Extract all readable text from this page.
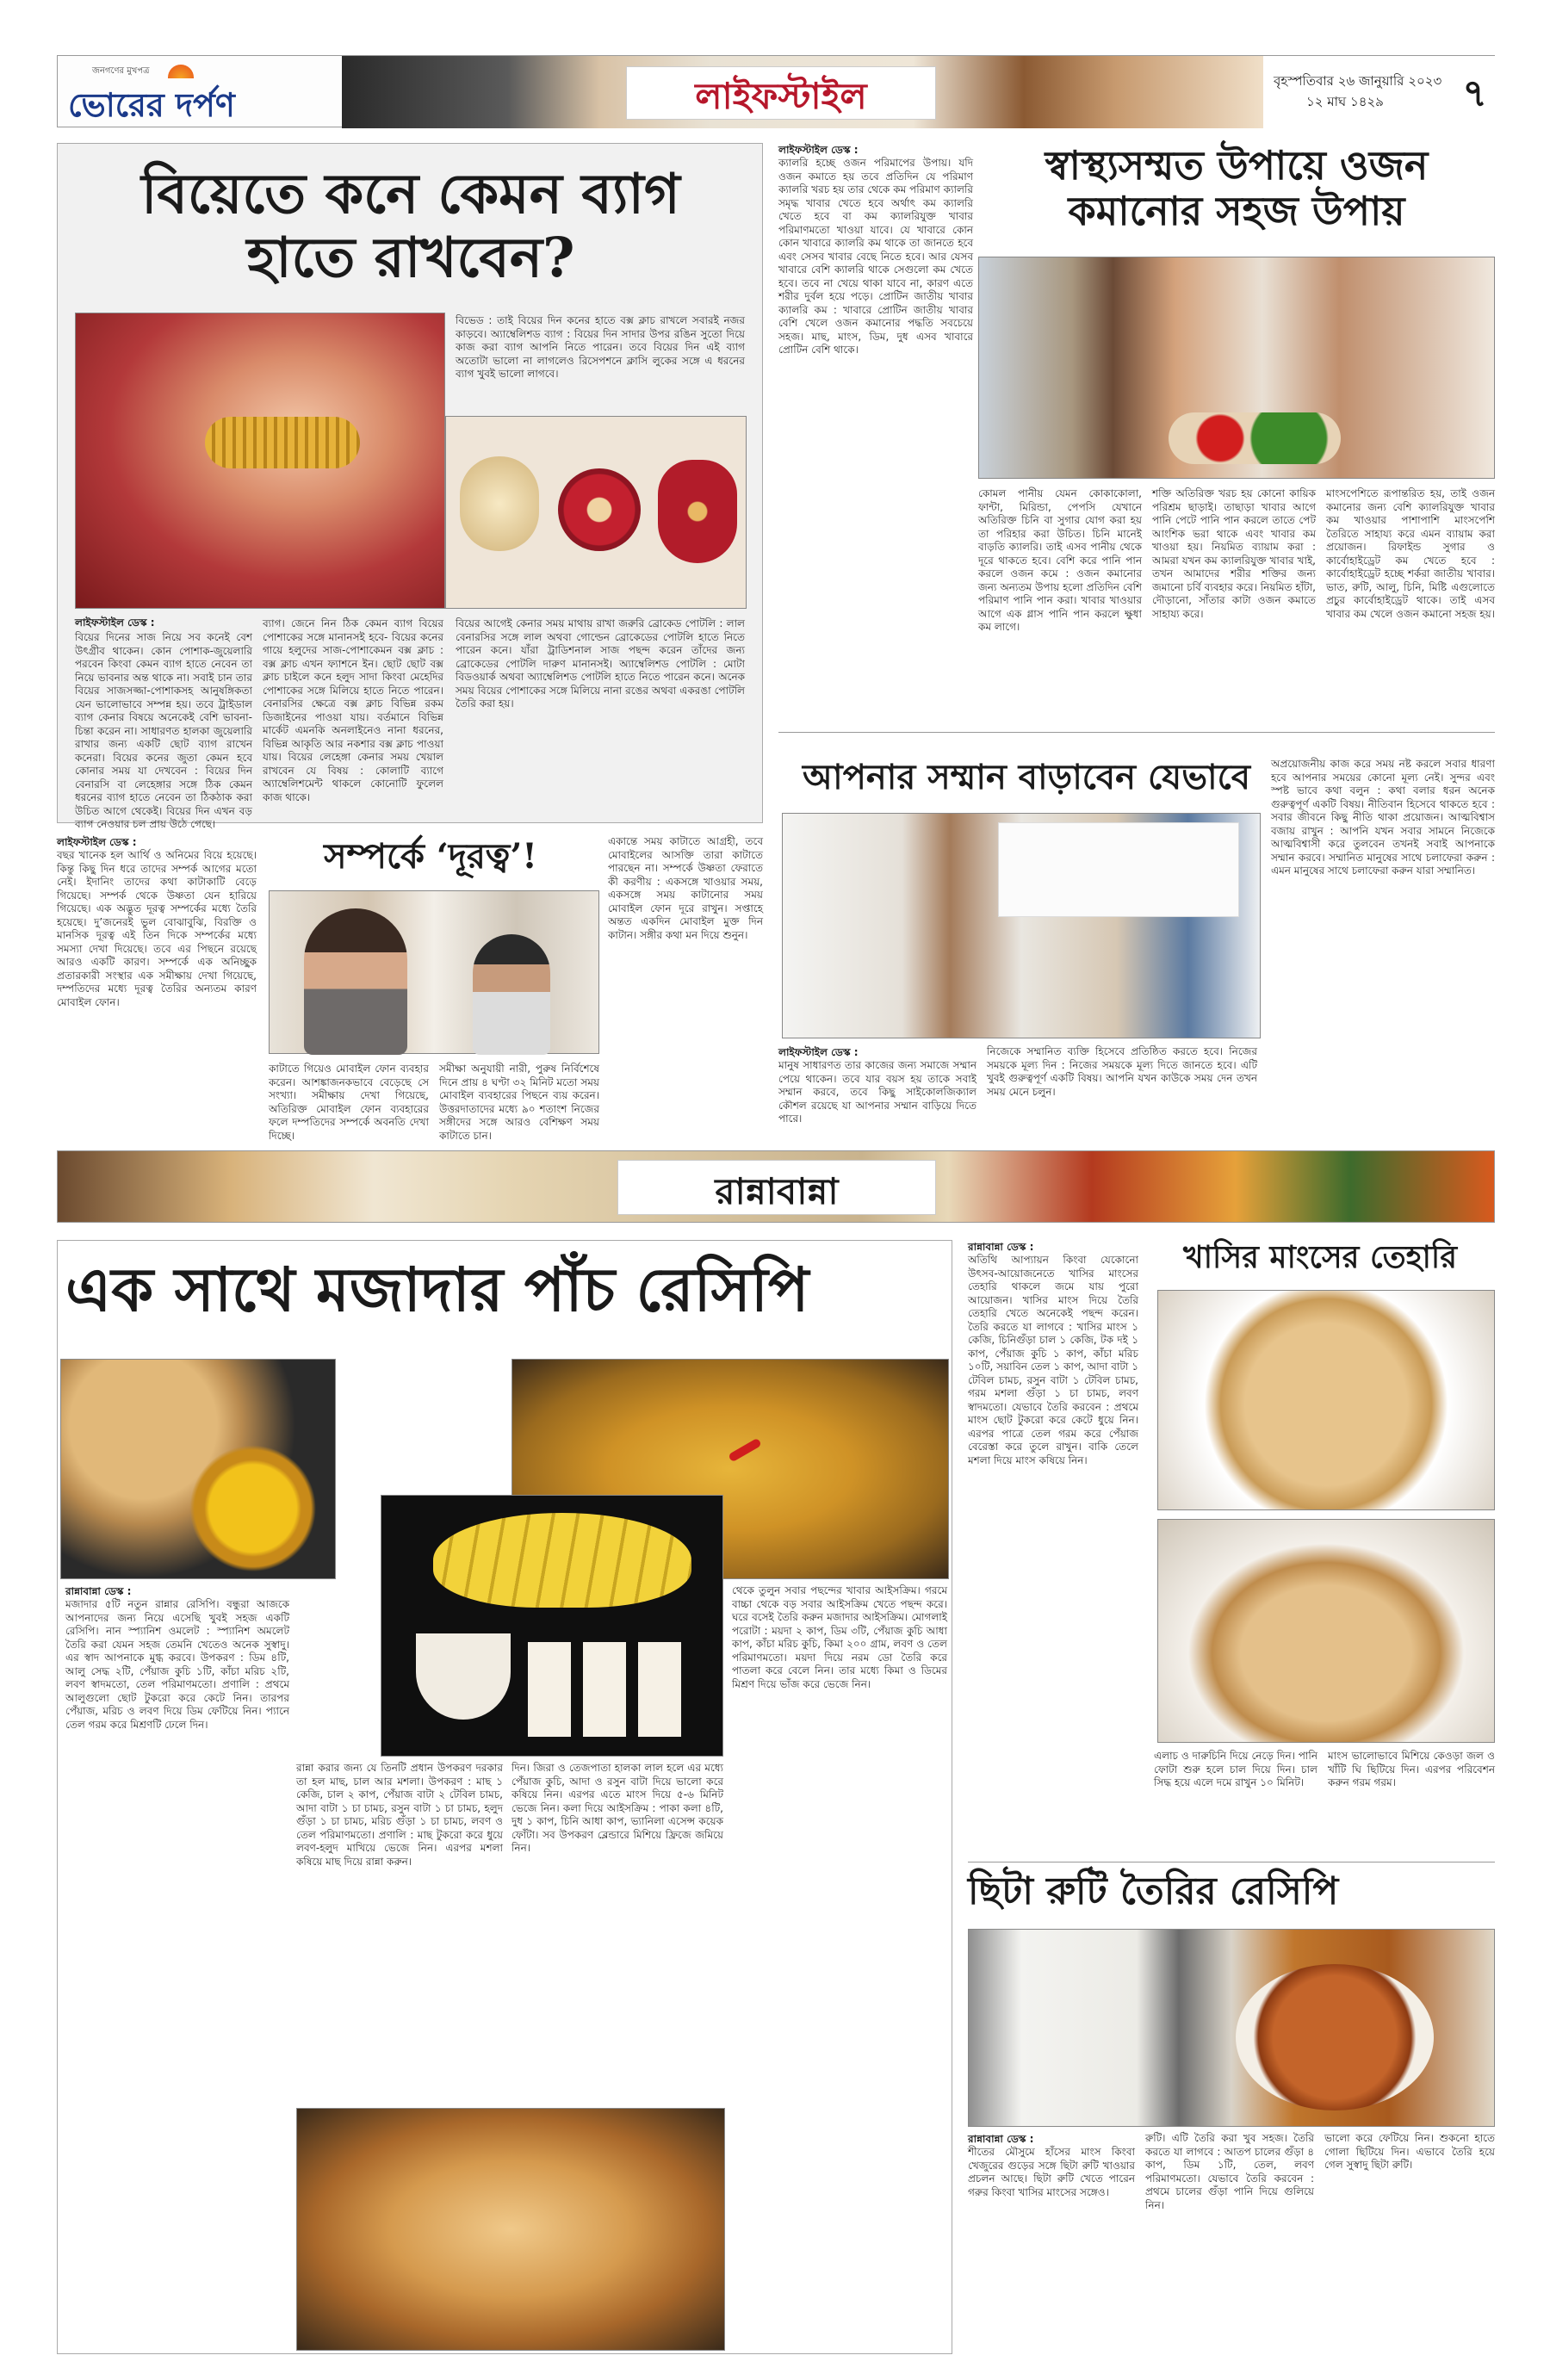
জনগণের মুখপত্র
ভোরের দর্পণ	লাইফস্টাইল	বৃহস্পতিবার ২৬ জানুয়ারি ২০২৩
১২ মাঘ ১৪২৯ ৭
বিয়েতে কনে কেমন ব্যাগ হাতে রাখবেন?
বিভেড : তাই বিয়ের দিন কনের হাতে বক্স ক্লাচ রাখলে সবারই নজর কাড়বে। অ্যাম্বেলিশড ব্যাগ : বিয়ের দিন সাদার উপর রঙিন সুতো দিয়ে কাজ করা ব্যাগ আপনি নিতে পারেন। তবে বিয়ের দিন এই ব্যাগ অতোটা ভালো না লাগলেও রিসেপশনে ক্লাসি লুকের সঙ্গে এ ধরনের ব্যাগ খুবই ভালো লাগবে।
বিয়ের আগেই কেনার সময় মাথায় রাখা জরুরি ব্রোকেড পোটলি : লাল বেনারসির সঙ্গে লাল অথবা গোল্ডেন ব্রোকেডের পোটলি হাতে নিতে পারেন কনে। যাঁরা ট্রাডিশনাল সাজ পছন্দ করেন তাঁদের জন্য ব্রোকেডের পোটলি দারুণ মানানসই। অ্যাম্বেলিশড পোটলি : মোটা বিডওয়ার্ক অথবা অ্যাম্বেলিশড পোটলি হাতে নিতে পারেন কনে। অনেক সময় বিয়ের পোশাকের সঙ্গে মিলিয়ে নানা রঙের অথবা একরঙা পোটলি তৈরি করা হয়।
লাইফস্টাইল ডেস্ক :
বিয়ের দিনের সাজ নিয়ে সব কনেই বেশ উৎগ্রীব থাকেন। কোন পোশাক-জুয়েলারি পরবেন কিংবা কেমন ব্যাগ হাতে নেবেন তা নিয়ে ভাবনার অন্ত থাকে না। সবাই চান তার বিয়ের সাজসজ্জা-পোশাকসহ আনুষঙ্গিকতা যেন ভালোভাবে সম্পন্ন হয়। তবে ট্রাইডাল ব্যাগ কেনার বিষয়ে অনেকেই বেশি ভাবনা-চিন্তা করেন না। সাধারণত হালকা জুয়েলারি রাখার জন্য একটি ছোট ব্যাগ রাখেন কনেরা। বিয়ের কনের জুতা কেমন হবে কোনার সময় যা দেখবেন : বিয়ের দিন বেনারসি বা লেহেঙ্গার সঙ্গে ঠিক কেমন ধরনের ব্যাগ হাতে নেবেন তা ঠিকঠাক করা উচিত আগে থেকেই। বিয়ের দিন এখন বড় ব্যাগ নেওয়ার চল প্রায় উঠে গেছে।
ব্যাগ। জেনে নিন ঠিক কেমন ব্যাগ বিয়ের পোশাকের সঙ্গে মানানসই হবে- বিয়ের কনের গায়ে হলুদের সাজ-পোশাকেমন বক্স ক্লাচ : বক্স ক্লাচ এখন ফ্যাশনে ইন। ছোট ছোট বক্স ক্লাচ চাইলে কনে হলুদ সাদা কিংবা মেহেদির পোশাকের সঙ্গে মিলিয়ে হাতে নিতে পারেন। বেনারসির ক্ষেত্রে বক্স ক্লাচ বিভিন্ন রকম ডিজাইনের পাওয়া যায়। বর্তমানে বিভিন্ন মার্কেট এমনকি অনলাইনেও নানা ধরনের, বিভিন্ন আকৃতি আর নকশার বক্স ক্লাচ পাওয়া যায়। বিয়ের লেহেঙ্গা কেনার সময় খেয়াল রাখবেন যে বিষয় : কোলাটি ব্যাগে অ্যাম্বেলিশমেন্ট থাকলে কোনোটি ফুলেল কাজ থাকে।
লাইফস্টাইল ডেস্ক :
ক্যালরি হচ্ছে ওজন পরিমাপের উপায়। যদি ওজন কমাতে হয় তবে প্রতিদিন যে পরিমাণ ক্যালরি খরচ হয় তার থেকে কম পরিমাণ ক্যালরি সমৃদ্ধ খাবার খেতে হবে অর্থাৎ কম ক্যালরি খেতে হবে বা কম ক্যালরিযুক্ত খাবার পরিমাণমতো খাওয়া যাবে। যে খাবারে কোন কোন খাবারে ক্যালরি কম থাকে তা জানতে হবে এবং সেসব খাবার বেছে নিতে হবে। আর যেসব খাবারে বেশি ক্যালরি থাকে সেগুলো কম খেতে হবে। তবে না খেয়ে থাকা যাবে না, কারণ এতে শরীর দুর্বল হয়ে পড়ে। প্রোটিন জাতীয় খাবার ক্যালরি কম : খাবারে প্রোটিন জাতীয় খাবার বেশি খেলে ওজন কমানোর পদ্ধতি সবচেয়ে সহজ। মাছ, মাংস, ডিম, দুধ এসব খাবারে প্রোটিন বেশি থাকে।
স্বাস্থ্যসম্মত উপায়ে ওজন কমানোর সহজ উপায়
কোমল পানীয় যেমন কোকাকোলা, ফান্টা, মিরিন্ডা, পেপসি যেখানে অতিরিক্ত চিনি বা সুগার যোগ করা হয় তা পরিহার করা উচিত। চিনি মানেই বাড়তি ক্যালরি। তাই এসব পানীয় থেকে দূরে থাকতে হবে। বেশি করে পানি পান করলে ওজন কমে : ওজন কমানোর জন্য অন্যতম উপায় হলো প্রতিদিন বেশি পরিমাণ পানি পান করা। খাবার খাওয়ার আগে এক গ্লাস পানি পান করলে ক্ষুধা কম লাগে।
শক্তি অতিরিক্ত খরচ হয় কোনো কায়িক পরিশ্রম ছাড়াই। তাছাড়া খাবার আগে পানি পেটে পানি পান করলে তাতে পেট আংশিক ভরা থাকে এবং খাবার কম খাওয়া হয়। নিয়মিত ব্যায়াম করা : আমরা যখন কম ক্যালরিযুক্ত খাবার খাই, তখন আমাদের শরীর শক্তির জন্য জমানো চর্বি ব্যবহার করে। নিয়মিত হাঁটা, দৌড়ানো, সাঁতার কাটা ওজন কমাতে সাহায্য করে।
মাংসপেশিতে রূপান্তরিত হয়, তাই ওজন কমানোর জন্য বেশি ক্যালরিযুক্ত খাবার কম খাওয়ার পাশাপাশি মাংসপেশি তৈরিতে সাহায্য করে এমন ব্যায়াম করা প্রয়োজন। রিফাইন্ড সুগার ও কার্বোহাইড্রেট কম খেতে হবে : কার্বোহাইড্রেট হচ্ছে শর্করা জাতীয় খাবার। ভাত, রুটি, আলু, চিনি, মিষ্টি এগুলোতে প্রচুর কার্বোহাইড্রেট থাকে। তাই এসব খাবার কম খেলে ওজন কমানো সহজ হয়।
লাইফস্টাইল ডেস্ক :
বছর খানেক হল আর্থি ও অনিমের বিয়ে হয়েছে। কিন্তু কিছু দিন ধরে তাদের সম্পর্ক আগের মতো নেই। ইদানিং তাদের কথা কাটাকাটি বেড়ে গিয়েছে। সম্পর্ক থেকে উষ্ণতা যেন হারিয়ে গিয়েছে। এক অদ্ভুত দূরত্ব সম্পর্কের মধ্যে তৈরি হয়েছে। দু’জনেরই ভুল বোঝাবুঝি, বিরক্তি ও মানসিক দূরত্ব এই তিন দিকে সম্পর্কের মধ্যে সমস্যা দেখা দিয়েছে। তবে এর পিছনে রয়েছে আরও একটি কারণ। সম্পর্কে এক অনিচ্ছুক প্রতারকারী সংস্থার এক সমীক্ষায় দেখা গিয়েছে, দম্পতিদের মধ্যে দূরত্ব তৈরির অন্যতম কারণ মোবাইল ফোন।
সম্পর্কে ‘দূরত্ব’!
কাটাতে গিয়েও মোবাইল ফোন ব্যবহার করেন। আশঙ্কাজনকভাবে বেড়েছে সে সংখ্যা। সমীক্ষায় দেখা গিয়েছে, অতিরিক্ত মোবাইল ফোন ব্যবহারের ফলে দম্পতিদের সম্পর্কে অবনতি দেখা দিচ্ছে।
সমীক্ষা অনুযায়ী নারী, পুরুষ নির্বিশেষে দিনে প্রায় ৪ ঘণ্টা ৩২ মিনিট মতো সময় মোবাইল ব্যবহারের পিছনে ব্যয় করেন। উত্তরদাতাদের মধ্যে ৯০ শতাংশ নিজের সঙ্গীদের সঙ্গে আরও বেশিক্ষণ সময় কাটাতে চান।
একান্তে সময় কাটাতে আগ্রহী, তবে মোবাইলের আসক্তি তারা কাটাতে পারছেন না। সম্পর্কে উষ্ণতা ফেরাতে কী করণীয় : একসঙ্গে খাওয়ার সময়, একসঙ্গে সময় কাটানোর সময় মোবাইল ফোন দূরে রাখুন। সপ্তাহে অন্তত একদিন মোবাইল মুক্ত দিন কাটান। সঙ্গীর কথা মন দিয়ে শুনুন।
আপনার সম্মান বাড়াবেন যেভাবে
লাইফস্টাইল ডেস্ক :
মানুষ সাধারণত তার কাজের জন্য সমাজে সম্মান পেয়ে থাকেন। তবে যার বয়স হয় তাকে সবাই সম্মান করবে, তবে কিছু সাইকোলজিক্যাল কৌশল রয়েছে যা আপনার সম্মান বাড়িয়ে দিতে পারে।
নিজেকে সম্মানিত ব্যক্তি হিসেবে প্রতিষ্ঠিত করতে হবে। নিজের সময়কে মূল্য দিন : নিজের সময়কে মূল্য দিতে জানতে হবে। এটি খুবই গুরুত্বপূর্ণ একটি বিষয়। আপনি যখন কাউকে সময় দেন তখন সময় মেনে চলুন।
অপ্রয়োজনীয় কাজ করে সময় নষ্ট করলে সবার ধারণা হবে আপনার সময়ের কোনো মূল্য নেই। সুন্দর এবং স্পষ্ট ভাবে কথা বলুন : কথা বলার ধরন অনেক গুরুত্বপূর্ণ একটি বিষয়। নীতিবান হিসেবে থাকতে হবে : সবার জীবনে কিছু নীতি থাকা প্রয়োজন। আত্মবিশ্বাস বজায় রাখুন : আপনি যখন সবার সামনে নিজেকে আত্মবিশ্বাসী করে তুলবেন তখনই সবাই আপনাকে সম্মান করবে। সম্মানিত মানুষের সাথে চলাফেরা করুন : এমন মানুষের সাথে চলাফেরা করুন যারা সম্মানিত।
রান্নাবান্না
এক সাথে মজাদার পাঁচ রেসিপি
রান্নাবান্না ডেস্ক :
মজাদার ৫টি নতুন রান্নার রেসিপি। বন্ধুরা আজকে আপনাদের জন্য নিয়ে এসেছি খুবই সহজ একটি রেসিপি। নান স্প্যানিশ ওমলেট : স্প্যানিশ অমলেট তৈরি করা যেমন সহজ তেমনি খেতেও অনেক সুস্বাদু। এর স্বাদ আপনাকে মুগ্ধ করবে। উপকরণ : ডিম ৪টি, আলু সেদ্ধ ২টি, পেঁয়াজ কুচি ১টি, কাঁচা মরিচ ২টি, লবণ স্বাদমতো, তেল পরিমাণমতো। প্রণালি : প্রথমে আলুগুলো ছোট টুকরো করে কেটে নিন। তারপর পেঁয়াজ, মরিচ ও লবণ দিয়ে ডিম ফেটিয়ে নিন। প্যানে তেল গরম করে মিশ্রণটি ঢেলে দিন।
রান্না করার জন্য যে তিনটি প্রধান উপকরণ দরকার তা হল মাছ, চাল আর মশলা। উপকরণ : মাছ ১ কেজি, চাল ২ কাপ, পেঁয়াজ বাটা ২ টেবিল চামচ, আদা বাটা ১ চা চামচ, রসুন বাটা ১ চা চামচ, হলুদ গুঁড়া ১ চা চামচ, মরিচ গুঁড়া ১ চা চামচ, লবণ ও তেল পরিমাণমতো। প্রণালি : মাছ টুকরো করে ধুয়ে লবণ-হলুদ মাখিয়ে ভেজে নিন। এরপর মশলা কষিয়ে মাছ দিয়ে রান্না করুন।
দিন। জিরা ও তেজপাতা হালকা লাল হলে এর মধ্যে পেঁয়াজ কুচি, আদা ও রসুন বাটা দিয়ে ভালো করে কষিয়ে নিন। এরপর এতে মাংস দিয়ে ৫-৬ মিনিট ভেজে নিন। কলা দিয়ে আইসক্রিম : পাকা কলা ৪টি, দুধ ১ কাপ, চিনি আধা কাপ, ভ্যানিলা এসেন্স কয়েক ফোঁটা। সব উপকরণ ব্লেন্ডারে মিশিয়ে ফ্রিজে জমিয়ে নিন।
থেকে তুলুন সবার পছন্দের খাবার আইসক্রিম। গরমে বাচ্চা থেকে বড় সবার আইসক্রিম খেতে পছন্দ করে। ঘরে বসেই তৈরি করুন মজাদার আইসক্রিম। মোগলাই পরোটা : ময়দা ২ কাপ, ডিম ৩টি, পেঁয়াজ কুচি আধা কাপ, কাঁচা মরিচ কুচি, কিমা ২০০ গ্রাম, লবণ ও তেল পরিমাণমতো। ময়দা দিয়ে নরম ডো তৈরি করে পাতলা করে বেলে নিন। তার মধ্যে কিমা ও ডিমের মিশ্রণ দিয়ে ভাঁজ করে ভেজে নিন।
রান্নাবান্না ডেস্ক :
অতিথি আপ্যায়ন কিংবা যেকোনো উৎসব-আয়োজনেতে খাসির মাংসের তেহারি থাকলে জমে যায় পুরো আয়োজন। খাসির মাংস দিয়ে তৈরি তেহারি খেতে অনেকেই পছন্দ করেন। তৈরি করতে যা লাগবে : খাসির মাংস ১ কেজি, চিনিগুঁড়া চাল ১ কেজি, টক দই ১ কাপ, পেঁয়াজ কুচি ১ কাপ, কাঁচা মরিচ ১০টি, সয়াবিন তেল ১ কাপ, আদা বাটা ১ টেবিল চামচ, রসুন বাটা ১ টেবিল চামচ, গরম মশলা গুঁড়া ১ চা চামচ, লবণ স্বাদমতো। যেভাবে তৈরি করবেন : প্রথমে মাংস ছোট টুকরো করে কেটে ধুয়ে নিন। এরপর পাত্রে তেল গরম করে পেঁয়াজ বেরেস্তা করে তুলে রাখুন। বাকি তেলে মশলা দিয়ে মাংস কষিয়ে নিন।
খাসির মাংসের তেহারি
এলাচ ও দারুচিনি দিয়ে নেড়ে দিন। পানি ফোটা শুরু হলে চাল দিয়ে দিন। চাল সিদ্ধ হয়ে এলে দমে রাখুন ১০ মিনিট।
মাংস ভালোভাবে মিশিয়ে কেওড়া জল ও খাঁটি ঘি ছিটিয়ে দিন। এরপর পরিবেশন করুন গরম গরম।
ছিটা রুটি তৈরির রেসিপি
রান্নাবান্না ডেস্ক :
শীতের মৌসুমে হাঁসের মাংস কিংবা খেজুরের গুড়ের সঙ্গে ছিটা রুটি খাওয়ার প্রচলন আছে। ছিটা রুটি খেতে পারেন গরুর কিংবা খাসির মাংসের সঙ্গেও।
রুটি। এটি তৈরি করা খুব সহজ। তৈরি করতে যা লাগবে : আতপ চালের গুঁড়া ৪ কাপ, ডিম ১টি, তেল, লবণ পরিমাণমতো। যেভাবে তৈরি করবেন : প্রথমে চালের গুঁড়া পানি দিয়ে গুলিয়ে নিন।
ভালো করে ফেটিয়ে নিন। শুকনো হাতে গোলা ছিটিয়ে দিন। এভাবে তৈরি হয়ে গেল সুস্বাদু ছিটা রুটি।
